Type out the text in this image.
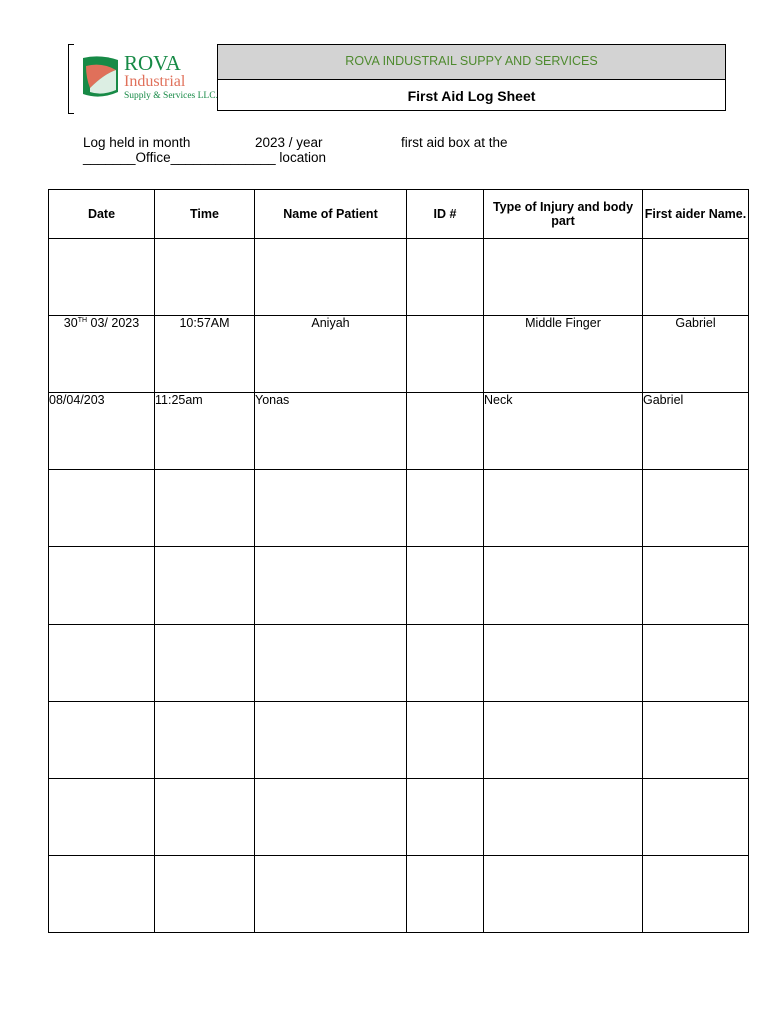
ROVA
Industrial
Supply & Services LLC.
ROVA INDUSTRAIL SUPPY AND SERVICES
First Aid Log Sheet
Log held in month	2023 / year	first aid box at the
_______Office______________ location
Date	Time	Name of Patient	ID #	Type of Injury and body part	First aider Name.

30TH 03/ 2023	10:57AM	Aniyah		Middle Finger	Gabriel
08/04/203	11:25am	Yonas		Neck	Gabriel
